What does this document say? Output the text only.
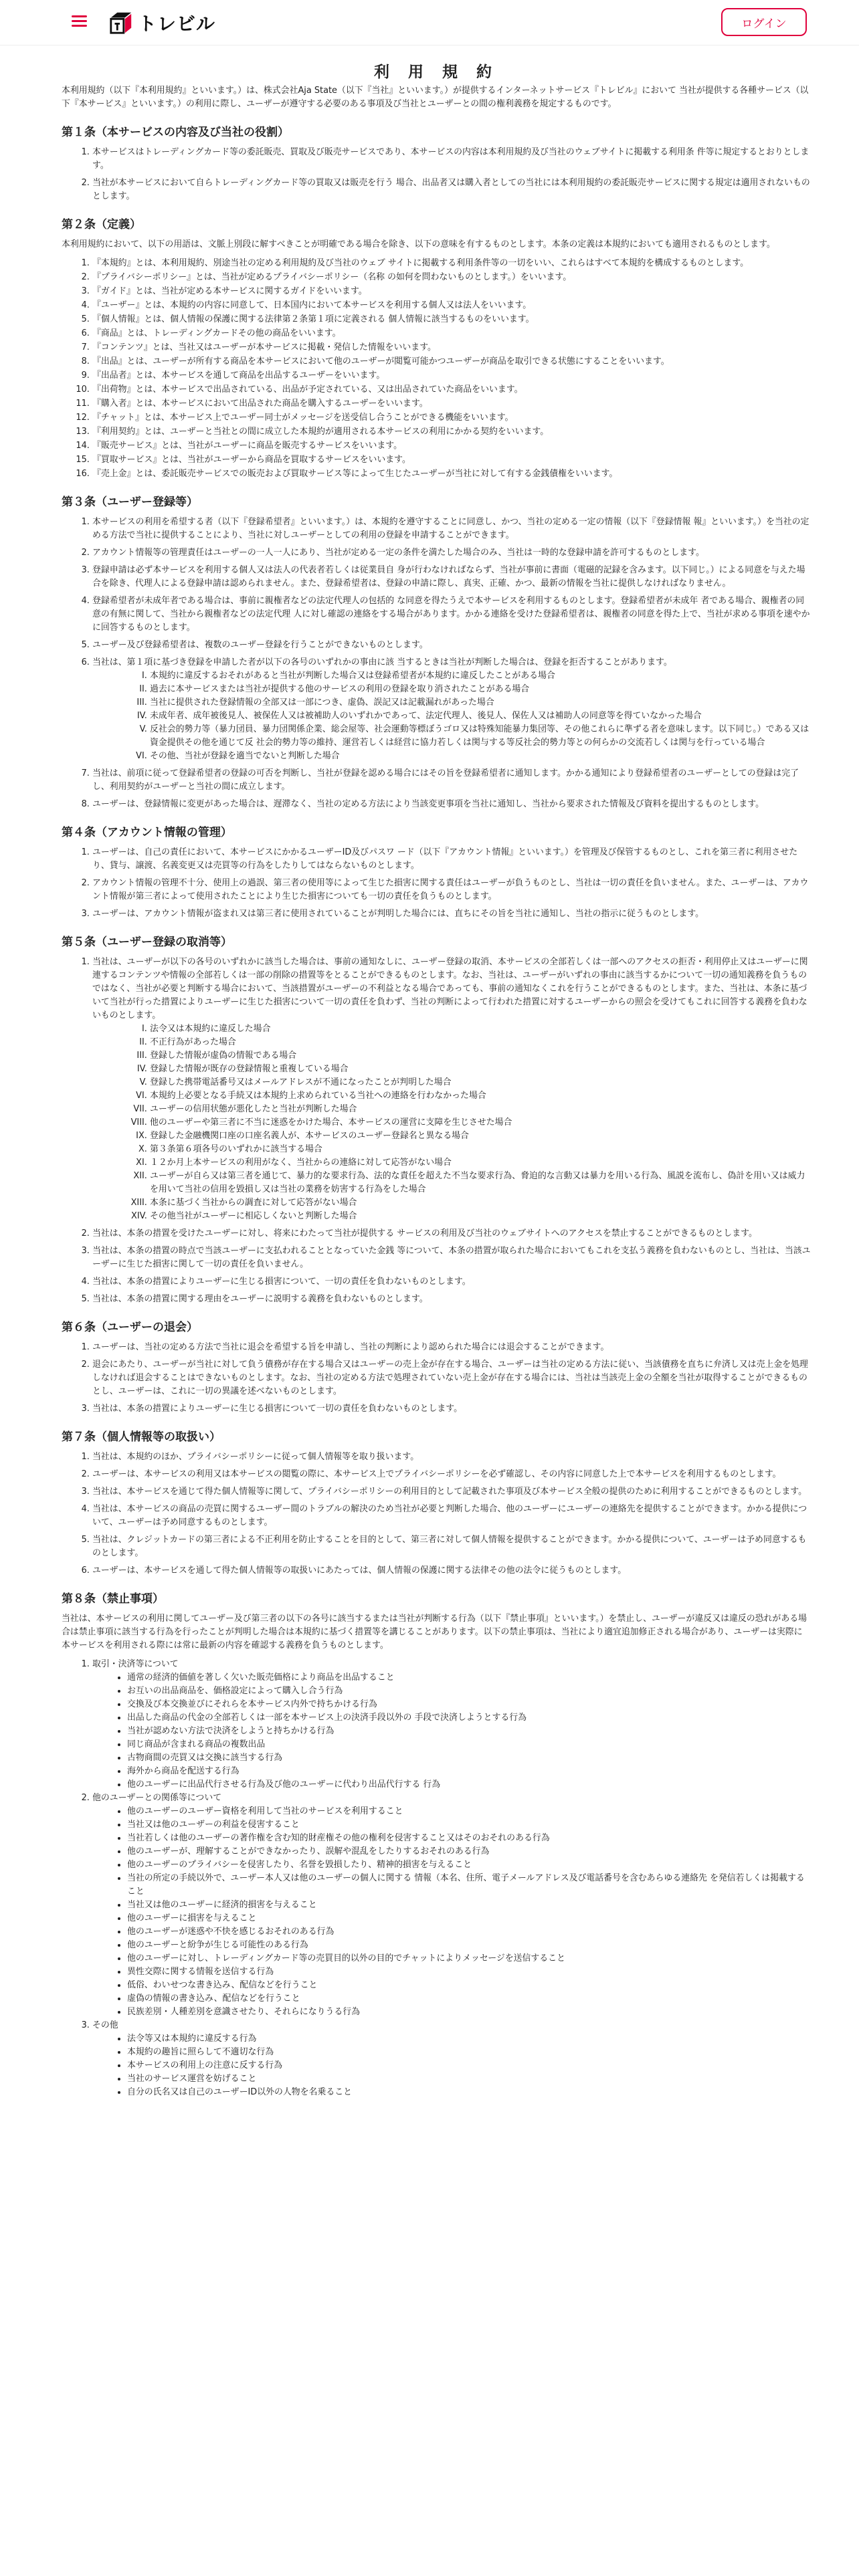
トレビル	ログイン
利 用 規 約

本利用規約（以下『本利用規約』といいます。）は、株式会社Aja State（以下『当社』といいます。）が提供するインターネットサービス『トレビル』において 当社が提供する各種サービス（以下『本サービス』といいます。）の利用に際し、ユーザーが遵守する必要のある事項及び当社とユーザーとの間の権利義務を規定するものです。

第１条（本サービスの内容及び当社の役割）
1. 本サービスはトレーディングカード等の委託販売、買取及び販売サービスであり、本サービスの内容は本利用規約及び当社のウェブサイトに掲載する利用条 件等に規定するとおりとします。
2. 当社が本サービスにおいて自らトレーディングカード等の買取又は販売を行う 場合、出品者又は購入者としての当社には本利用規約の委託販売サービスに関する規定は適用されないものとします。
第２条（定義）

本利用規約において、以下の用語は、文脈上別段に解すべきことが明確である場合を除き、以下の意味を有するものとします。本条の定義は本規約においても適用されるものとします。

1. 『本規約』とは、本利用規約、別途当社の定める利用規約及び当社のウェブ サイトに掲載する利用条件等の一切をいい、これらはすべて本規約を構成するものとします。
2. 『プライバシーポリシー』とは、当社が定めるプライバシーポリシー（名称 の如何を問わないものとします。）をいいます。
3. 『ガイド』とは、当社が定める本サービスに関するガイドをいいます。
4. 『ユーザー』とは、本規約の内容に同意して、日本国内において本サービスを利用する個人又は法人をいいます。
5. 『個人情報』とは、個人情報の保護に関する法律第２条第１項に定義される 個人情報に該当するものをいいます。
6. 『商品』とは、トレーディングカードその他の商品をいいます。
7. 『コンテンツ』とは、当社又はユーザーが本サービスに掲載・発信した情報をいいます。
8. 『出品』とは、ユーザーが所有する商品を本サービスにおいて他のユーザーが閲覧可能かつユーザーが商品を取引できる状態にすることをいいます。
9. 『出品者』とは、本サービスを通して商品を出品するユーザーをいいます。
10. 『出荷物』とは、本サービスで出品されている、出品が予定されている、又は出品されていた商品をいいます。
11. 『購入者』とは、本サービスにおいて出品された商品を購入するユーザーをいいます。
12. 『チャット』とは、本サービス上でユーザー同士がメッセージを送受信し合うことができる機能をいいます。
13. 『利用契約』とは、ユーザーと当社との間に成立した本規約が適用される本サービスの利用にかかる契約をいいます。
14. 『販売サービス』とは、当社がユーザーに商品を販売するサービスをいいます。
15. 『買取サービス』とは、当社がユーザーから商品を買取するサービスをいいます。
16. 『売上金』とは、委託販売サービスでの販売および買取サービス等によって生じたユーザーが当社に対して有する金銭債権をいいます。
第３条（ユーザー登録等）
1. 本サービスの利用を希望する者（以下『登録希望者』といいます。）は、本規約を遵守することに同意し、かつ、当社の定める一定の情報（以下『登録情報 報』といいます。）を当社の定める方法で当社に提供することにより、当社に対しユーザーとしての利用の登録を申請することができます。
2. アカウント情報等の管理責任はユーザーの一人一人にあり、当社が定める一定の条件を満たした場合のみ、当社は一時的な登録申請を許可するものとします。
3. 登録申請は必ず本サービスを利用する個人又は法人の代表者若しくは従業員自 身が行わなければならず、当社が事前に書面（電磁的記録を含みます。以下同じ。）による同意を与えた場合を除き、代理人による登録申請は認められません。また、登録希望者は、登録の申請に際し、真実、正確、かつ、最新の情報を当社に提供しなければなりません。
4. 登録希望者が未成年者である場合は、事前に親権者などの法定代理人の包括的 な同意を得たうえで本サービスを利用するものとします。登録希望者が未成年 者である場合、親権者の同意の有無に関して、当社から親権者などの法定代理 人に対し確認の連絡をする場合があります。かかる連絡を受けた登録希望者は、親権者の同意を得た上で、当社が求める事項を速やかに回答するものとします。
5. ユーザー及び登録希望者は、複数のユーザー登録を行うことができないものとします。
6. 当社は、第１項に基づき登録を申請した者が以下の各号のいずれかの事由に該 当するときは当社が判断した場合は、登録を拒否することがあります。
I. 本規約に違反するおそれがあると当社が判断した場合又は登録希望者が本規約に違反したことがある場合
II. 過去に本サービスまたは当社が提供する他のサービスの利用の登録を取り消されたことがある場合
III. 当社に提供された登録情報の全部又は一部につき、虚偽、誤記又は記載漏れがあった場合
IV. 未成年者、成年被後見人、被保佐人又は被補助人のいずれかであって、法定代理人、後見人、保佐人又は補助人の同意等を得ていなかった場合
V. 反社会的勢力等（暴力団員、暴力団関係企業、総会屋等、社会運動等標ぼうゴロ又は特殊知能暴力集団等、その他これらに準ずる者を意味します。以下同じ。）である又は資金提供その他を通じて反 社会的勢力等の維持、運営若しくは経営に協力若しくは関与する等反社会的勢力等との何らかの交流若しくは関与を行っている場合
VI. その他、当社が登録を適当でないと判断した場合
7. 当社は、前項に従って登録希望者の登録の可否を判断し、当社が登録を認める場合にはその旨を登録希望者に通知します。かかる通知により登録希望者のユーザーとしての登録は完了し、利用契約がユーザーと当社の間に成立します。
8. ユーザーは、登録情報に変更があった場合は、遅滞なく、当社の定める方法により当該変更事項を当社に通知し、当社から要求された情報及び資料を提出するものとします。
第４条（アカウント情報の管理）
1. ユーザーは、自己の責任において、本サービスにかかるユーザーID及びパスワ ード（以下『アカウント情報』といいます。）を管理及び保管するものとし、これを第三者に利用させたり、貸与、譲渡、名義変更又は売買等の行為をしたりしてはならないものとします。
2. アカウント情報の管理不十分、使用上の過誤、第三者の使用等によって生じた損害に関する責任はユーザーが負うものとし、当社は一切の責任を負いません。また、ユーザーは、アカウント情報が第三者によって使用されたことにより生じた損害についても一切の責任を負うものとします。
3. ユーザーは、アカウント情報が盗まれ又は第三者に使用されていることが判明した場合には、直ちにその旨を当社に通知し、当社の指示に従うものとします。
第５条（ユーザー登録の取消等）
1. 当社は、ユーザーが以下の各号のいずれかに該当した場合は、事前の通知なしに、ユーザー登録の取消、本サービスの全部若しくは一部へのアクセスの拒否・利用停止又はユーザーに関連するコンテンツや情報の全部若しくは一部の削除の措置等をとることができるものとします。なお、当社は、ユーザーがいずれの事由に該当するかについて一切の通知義務を負うものではなく、当社が必要と判断する場合において、当該措置がユーザーの不利益となる場合であっても、事前の通知なくこれを行うことができるものとします。また、当社は、本条に基づいて当社が行った措置によりユーザーに生じた損害について一切の責任を負わず、当社の判断によって行われた措置に対するユーザーからの照会を受けてもこれに回答する義務を負わないものとします。
I. 法令又は本規約に違反した場合
II. 不正行為があった場合
III. 登録した情報が虚偽の情報である場合
IV. 登録した情報が既存の登録情報と重複している場合
V. 登録した携帯電話番号又はメールアドレスが不通になったことが判明した場合
VI. 本規約上必要となる手続又は本規約上求められている当社への連絡を行わなかった場合
VII. ユーザーの信用状態が悪化したと当社が判断した場合
VIII. 他のユーザーや第三者に不当に迷惑をかけた場合、本サービスの運営に支障を生じさせた場合
IX. 登録した金融機関口座の口座名義人が、本サービスのユーザー登録名と異なる場合
X. 第３条第６項各号のいずれかに該当する場合
XI. １２か月上本サービスの利用がなく、当社からの連絡に対して応答がない場合
XII. ユーザーが自ら又は第三者を通じて、暴力的な要求行為、法的な責任を超えた不当な要求行為、脅迫的な言動又は暴力を用いる行為、風説を流布し、偽計を用い又は威力を用いて当社の信用を毀損し又は当社の業務を妨害する行為をした場合
XIII. 本条に基づく当社からの調査に対して応答がない場合
XIV. その他当社がユーザーに相応しくないと判断した場合
2. 当社は、本条の措置を受けたユーザーに対し、将来にわたって当社が提供する サービスの利用及び当社のウェブサイトへのアクセスを禁止することができるものとします。
3. 当社は、本条の措置の時点で当該ユーザーに支払われることとなっていた金銭 等について、本条の措置が取られた場合においてもこれを支払う義務を負わないものとし、当社は、当該ユーザーに生じた損害に関して一切の責任を負いません。
4. 当社は、本条の措置によりユーザーに生じる損害について、一切の責任を負わないものとします。
5. 当社は、本条の措置に関する理由をユーザーに説明する義務を負わないものとします。
第６条（ユーザーの退会）
1. ユーザーは、当社の定める方法で当社に退会を希望する旨を申請し、当社の判断により認められた場合には退会することができます。
2. 退会にあたり、ユーザーが当社に対して負う債務が存在する場合又はユーザーの売上金が存在する場合、ユーザーは当社の定める方法に従い、当該債務を直ちに弁済し又は売上金を処理しなければ退会することはできないものとします。なお、当社の定める方法で処理されていない売上金が存在する場合には、当社は当該売上金の全額を当社が取得することができるものとし、ユーザーは、これに一切の異議を述べないものとします。
3. 当社は、本条の措置によりユーザーに生じる損害について一切の責任を負わないものとします。
第７条（個人情報等の取扱い）
1. 当社は、本規約のほか、プライバシーポリシーに従って個人情報等を取り扱います。
2. ユーザーは、本サービスの利用又は本サービスの閲覧の際に、本サービス上でプライバシーポリシーを必ず確認し、その内容に同意した上で本サービスを利用するものとします。
3. 当社は、本サービスを通じて得た個人情報等に関して、プライバシーポリシーの利用目的として記載された事項及び本サービス全般の提供のために利用することができるものとします。
4. 当社は、本サービスの商品の売買に関するユーザー間のトラブルの解決のため当社が必要と判断した場合、他のユーザーにユーザーの連絡先を提供することができます。かかる提供について、ユーザーは予め同意するものとします。
5. 当社は、クレジットカードの第三者による不正利用を防止することを目的として、第三者に対して個人情報を提供することができます。かかる提供について、ユーザーは予め同意するものとします。
6. ユーザーは、本サービスを通して得た個人情報等の取扱いにあたっては、個人情報の保護に関する法律その他の法令に従うものとします。
第８条（禁止事項）

当社は、本サービスの利用に関してユーザー及び第三者の以下の各号に該当するまたは当社が判断する行為（以下『禁止事項』といいます。）を禁止し、ユーザーが違反又は違反の恐れがある場合は禁止事項に該当する行為を行ったことが判明した場合は本規約に基づく措置等を講じることがあります。以下の禁止事項は、当社により適宜追加修正される場合があり、ユーザーは実際に本サービスを利用される際には常に最新の内容を確認する義務を負うものとします。

1. 取引・決済等について
• 通常の経済的価値を著しく欠いた販売価格により商品を出品すること
• お互いの出品商品を、価格設定によって購入し合う行為
• 交換及び本交換並びにそれらを本サービス内外で持ちかける行為
• 出品した商品の代金の全部若しくは一部を本サービス上の決済手段以外の 手段で決済しようとする行為
• 当社が認めない方法で決済をしようと持ちかける行為
• 同じ商品が含まれる商品の複数出品
• 古物商間の売買又は交換に該当する行為
• 海外から商品を配送する行為
• 他のユーザーに出品代行させる行為及び他のユーザーに代わり出品代行する 行為
2. 他のユーザーとの関係等について
• 他のユーザーのユーザー資格を利用して当社のサービスを利用すること
• 当社又は他のユーザーの利益を侵害すること
• 当社若しくは他のユーザーの著作権を含む知的財産権その他の権利を侵害すること又はそのおそれのある行為
• 他のユーザーが、理解することができなかったり、誤解や混乱をしたりするおそれのある行為
• 他のユーザーのプライバシーを侵害したり、名誉を毀損したり、精神的損害を与えること
• 当社の所定の手続以外で、ユーザー本人又は他のユーザーの個人に関する 情報（本名、住所、電子メールアドレス及び電話番号を含むあらゆる連絡先 を発信若しくは掲載すること
• 当社又は他のユーザーに経済的損害を与えること
• 他のユーザーに損害を与えること
• 他のユーザーが迷惑や不快を感じるおそれのある行為
• 他のユーザーと紛争が生じる可能性のある行為
• 他のユーザーに対し、トレーディングカード等の売買目的以外の目的でチャットによりメッセージを送信すること
• 異性交際に関する情報を送信する行為
• 低俗、わいせつな書き込み、配信などを行うこと
• 虚偽の情報の書き込み、配信などを行うこと
• 民族差別・人種差別を意識させたり、それらになりうる行為
3. その他
• 法令等又は本規約に違反する行為
• 本規約の趣旨に照らして不適切な行為
• 本サービスの利用上の注意に反する行為
• 当社のサービス運営を妨げること
• 自分の氏名又は自己のユーザーID以外の人物を名乗ること
